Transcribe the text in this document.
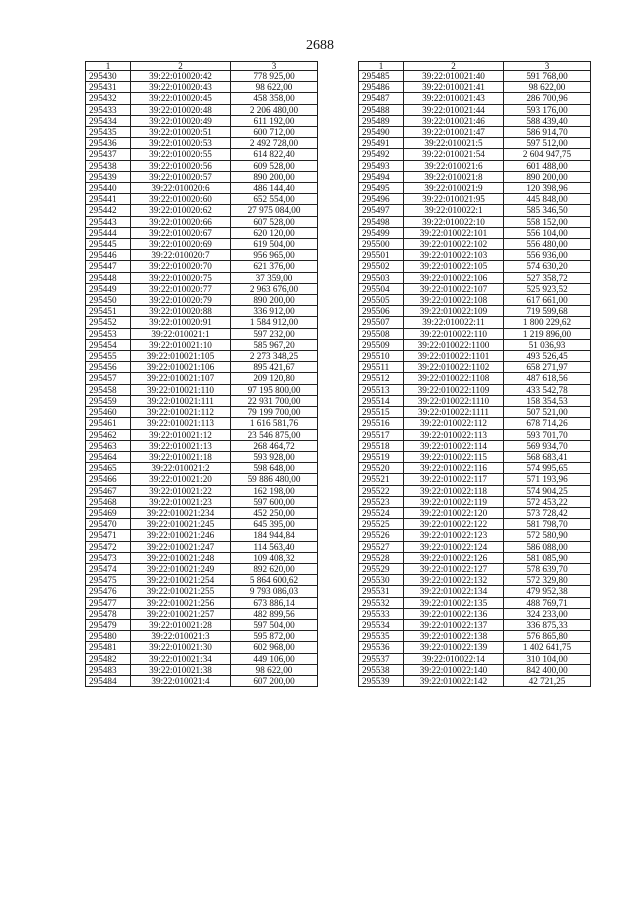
2688
1	2	3
295430	39:22:010020:42	778 925,00
295431	39:22:010020:43	98 622,00
295432	39:22:010020:45	458 358,00
295433	39:22:010020:48	2 206 480,00
295434	39:22:010020:49	611 192,00
295435	39:22:010020:51	600 712,00
295436	39:22:010020:53	2 492 728,00
295437	39:22:010020:55	614 822,40
295438	39:22:010020:56	609 528,00
295439	39:22:010020:57	890 200,00
295440	39:22:010020:6	486 144,40
295441	39:22:010020:60	652 554,00
295442	39:22:010020:62	27 975 084,00
295443	39:22:010020:66	607 528,00
295444	39:22:010020:67	620 120,00
295445	39:22:010020:69	619 504,00
295446	39:22:010020:7	956 965,00
295447	39:22:010020:70	621 376,00
295448	39:22:010020:75	37 359,00
295449	39:22:010020:77	2 963 676,00
295450	39:22:010020:79	890 200,00
295451	39:22:010020:88	336 912,00
295452	39:22:010020:91	1 584 912,00
295453	39:22:010021:1	597 232,00
295454	39:22:010021:10	585 967,20
295455	39:22:010021:105	2 273 348,25
295456	39:22:010021:106	895 421,67
295457	39:22:010021:107	209 120,80
295458	39:22:010021:110	97 195 800,00
295459	39:22:010021:111	22 931 700,00
295460	39:22:010021:112	79 199 700,00
295461	39:22:010021:113	1 616 581,76
295462	39:22:010021:12	23 546 875,00
295463	39:22:010021:13	268 464,72
295464	39:22:010021:18	593 928,00
295465	39:22:010021:2	598 648,00
295466	39:22:010021:20	59 886 480,00
295467	39:22:010021:22	162 198,00
295468	39:22:010021:23	597 600,00
295469	39:22:010021:234	452 250,00
295470	39:22:010021:245	645 395,00
295471	39:22:010021:246	184 944,84
295472	39:22:010021:247	114 563,40
295473	39:22:010021:248	109 408,32
295474	39:22:010021:249	892 620,00
295475	39:22:010021:254	5 864 600,62
295476	39:22:010021:255	9 793 086,03
295477	39:22:010021:256	673 886,14
295478	39:22:010021:257	482 899,56
295479	39:22:010021:28	597 504,00
295480	39:22:010021:3	595 872,00
295481	39:22:010021:30	602 968,00
295482	39:22:010021:34	449 106,00
295483	39:22:010021:38	98 622,00
295484	39:22:010021:4	607 200,00
1	2	3
295485	39:22:010021:40	591 768,00
295486	39:22:010021:41	98 622,00
295487	39:22:010021:43	286 700,96
295488	39:22:010021:44	593 176,00
295489	39:22:010021:46	588 439,40
295490	39:22:010021:47	586 914,70
295491	39:22:010021:5	597 512,00
295492	39:22:010021:54	2 604 947,75
295493	39:22:010021:6	601 488,00
295494	39:22:010021:8	890 200,00
295495	39:22:010021:9	120 398,96
295496	39:22:010021:95	445 848,00
295497	39:22:010022:1	585 346,50
295498	39:22:010022:10	558 152,00
295499	39:22:010022:101	556 104,00
295500	39:22:010022:102	556 480,00
295501	39:22:010022:103	556 936,00
295502	39:22:010022:105	574 630,20
295503	39:22:010022:106	527 358,72
295504	39:22:010022:107	525 923,52
295505	39:22:010022:108	617 661,00
295506	39:22:010022:109	719 599,68
295507	39:22:010022:11	1 800 229,62
295508	39:22:010022:110	1 219 896,00
295509	39:22:010022:1100	51 036,93
295510	39:22:010022:1101	493 526,45
295511	39:22:010022:1102	658 271,97
295512	39:22:010022:1108	487 618,56
295513	39:22:010022:1109	433 542,78
295514	39:22:010022:1110	158 354,53
295515	39:22:010022:1111	507 521,00
295516	39:22:010022:112	678 714,26
295517	39:22:010022:113	593 701,70
295518	39:22:010022:114	569 934,70
295519	39:22:010022:115	568 683,41
295520	39:22:010022:116	574 995,65
295521	39:22:010022:117	571 193,96
295522	39:22:010022:118	574 904,25
295523	39:22:010022:119	572 453,22
295524	39:22:010022:120	573 728,42
295525	39:22:010022:122	581 798,70
295526	39:22:010022:123	572 580,90
295527	39:22:010022:124	586 088,00
295528	39:22:010022:126	581 085,90
295529	39:22:010022:127	578 639,70
295530	39:22:010022:132	572 329,80
295531	39:22:010022:134	479 952,38
295532	39:22:010022:135	488 769,71
295533	39:22:010022:136	324 233,00
295534	39:22:010022:137	336 875,33
295535	39:22:010022:138	576 865,80
295536	39:22:010022:139	1 402 641,75
295537	39:22:010022:14	310 104,00
295538	39:22:010022:140	842 400,00
295539	39:22:010022:142	42 721,25
